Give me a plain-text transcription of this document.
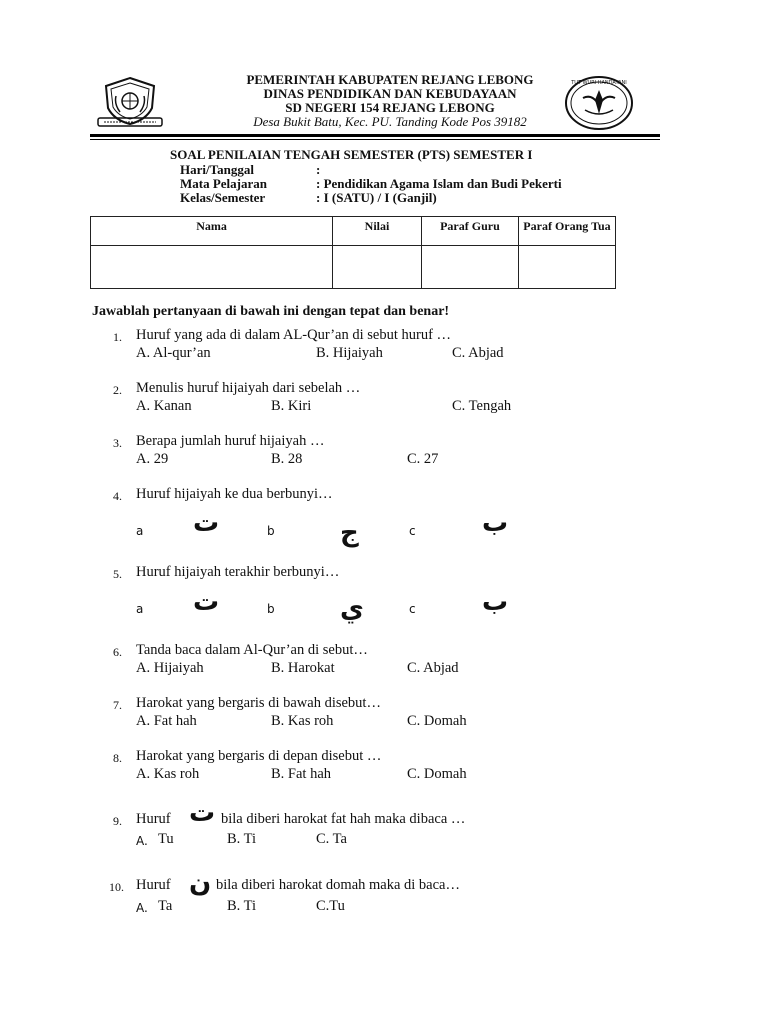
TUT WURI HANDAYANI
PEMERINTAH KABUPATEN REJANG LEBONG
DINAS PENDIDIKAN DAN KEBUDAYAAN
SD NEGERI 154 REJANG LEBONG
Desa Bukit Batu, Kec. PU. Tanding Kode Pos 39182
SOAL PENILAIAN TENGAH SEMESTER (PTS) SEMESTER I
Hari/Tanggal	:
Mata Pelajaran	: Pendidikan Agama Islam dan Budi Pekerti
Kelas/Semester	: I (SATU) / I (Ganjil)
Nama	Nilai	Paraf Guru	Paraf Orang Tua

Jawablah pertanyaan di bawah ini dengan tepat dan benar!
1. Huruf yang ada di dalam AL-Qur’an di sebut huruf …
A. Al-qur’an	B. Hijaiyah	C. Abjad
2. Menulis huruf hijaiyah dari sebelah …
A. Kanan	B. Kiri	C. Tengah
3. Berapa jumlah huruf hijaiyah …
A. 29	B. 28	C. 27
4. Huruf hijaiyah ke dua berbunyi…
a ت	b	ج	c	ب
5. Huruf hijaiyah terakhir berbunyi…
a ت	b	ي	c	ب
6. Tanda baca dalam Al-Qur’an di sebut…
A. Hijaiyah	B. Harokat	C. Abjad
7. Harokat yang bergaris di bawah disebut…
A. Fat hah	B. Kas roh	C. Domah
8. Harokat yang bergaris di depan disebut …
A. Kas roh	B. Fat hah	C. Domah
9. Huruf ت bila diberi harokat fat hah maka dibaca …
A. Tu	B. Ti	C. Ta
10. Huruf ن bila diberi harokat domah maka di baca…
A. Ta	B. Ti	C.Tu
